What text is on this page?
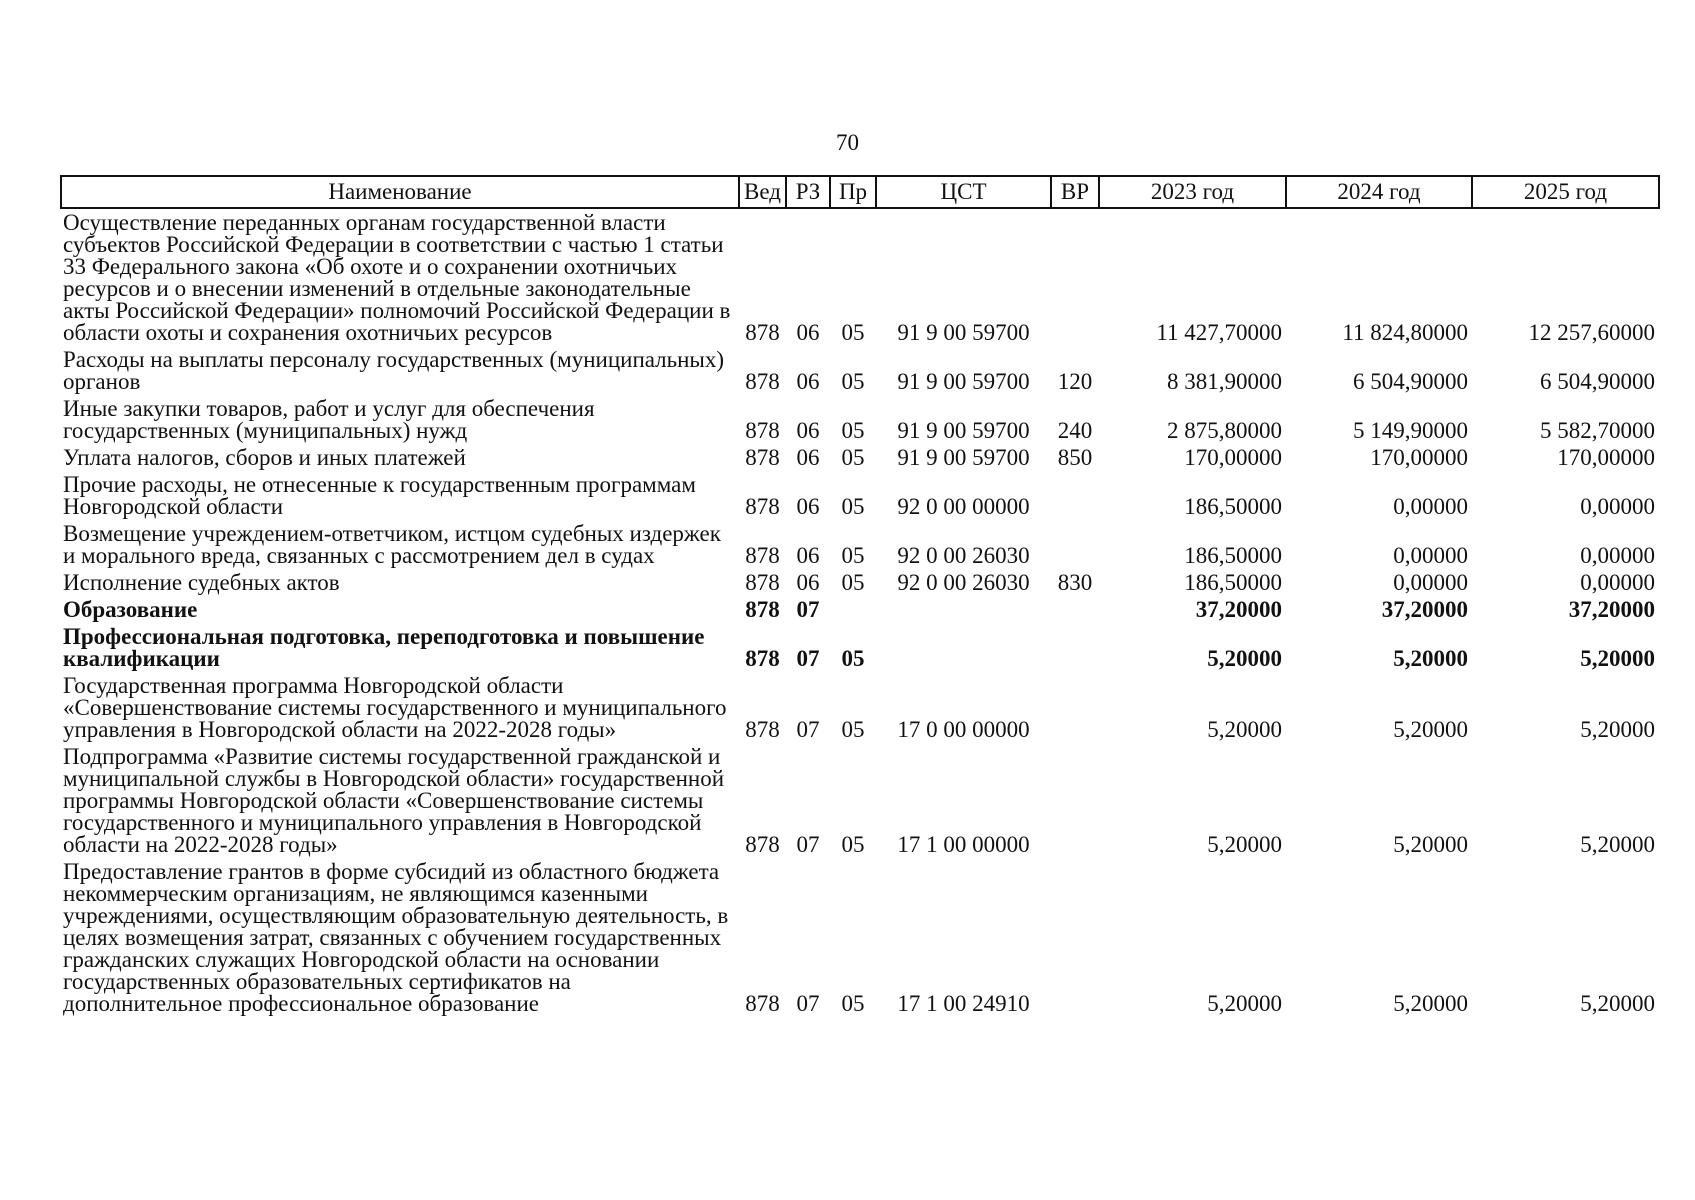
70
Наименование	Вед	РЗ	Пр	ЦСТ	ВР	2023 год	2024 год	2025 год
Осуществление переданных органам государственной власти субъектов Российской Федерации в соответствии с частью 1 статьи 33 Федерального закона «Об охоте и о сохранении охотничьих ресурсов и о внесении изменений в отдельные законодательные акты Российской Федерации» полномочий Российской Федерации в области охоты и сохранения охотничьих ресурсов	878	06	05	91 9 00 59700		11 427,70000	11 824,80000	12 257,60000
Расходы на выплаты персоналу государственных (муниципальных) органов	878	06	05	91 9 00 59700	120	8 381,90000	6 504,90000	6 504,90000
Иные закупки товаров, работ и услуг для обеспечения государственных (муниципальных) нужд	878	06	05	91 9 00 59700	240	2 875,80000	5 149,90000	5 582,70000
Уплата налогов, сборов и иных платежей	878	06	05	91 9 00 59700	850	170,00000	170,00000	170,00000
Прочие расходы, не отнесенные к государственным программам Новгородской области	878	06	05	92 0 00 00000		186,50000	0,00000	0,00000
Возмещение учреждением-ответчиком, истцом судебных издержек и морального вреда, связанных с рассмотрением дел в судах	878	06	05	92 0 00 26030		186,50000	0,00000	0,00000
Исполнение судебных актов	878	06	05	92 0 00 26030	830	186,50000	0,00000	0,00000
Образование	878	07				37,20000	37,20000	37,20000
Профессиональная подготовка, переподготовка и повышение квалификации	878	07	05			5,20000	5,20000	5,20000
Государственная программа Новгородской области «Совершенствование системы государственного и муниципального управления в Новгородской области на 2022-2028 годы»	878	07	05	17 0 00 00000		5,20000	5,20000	5,20000
Подпрограмма «Развитие системы государственной гражданской и муниципальной службы в Новгородской области» государственной программы Новгородской области «Совершенствование системы государственного и муниципального управления в Новгородской области на 2022-2028 годы»	878	07	05	17 1 00 00000		5,20000	5,20000	5,20000
Предоставление грантов в форме субсидий из областного бюджета некоммерческим организациям, не являющимся казенными учреждениями, осуществляющим образовательную деятельность, в целях возмещения затрат, связанных с обучением государственных гражданских служащих Новгородской области на основании государственных образовательных сертификатов на дополнительное профессиональное образование	878	07	05	17 1 00 24910		5,20000	5,20000	5,20000
